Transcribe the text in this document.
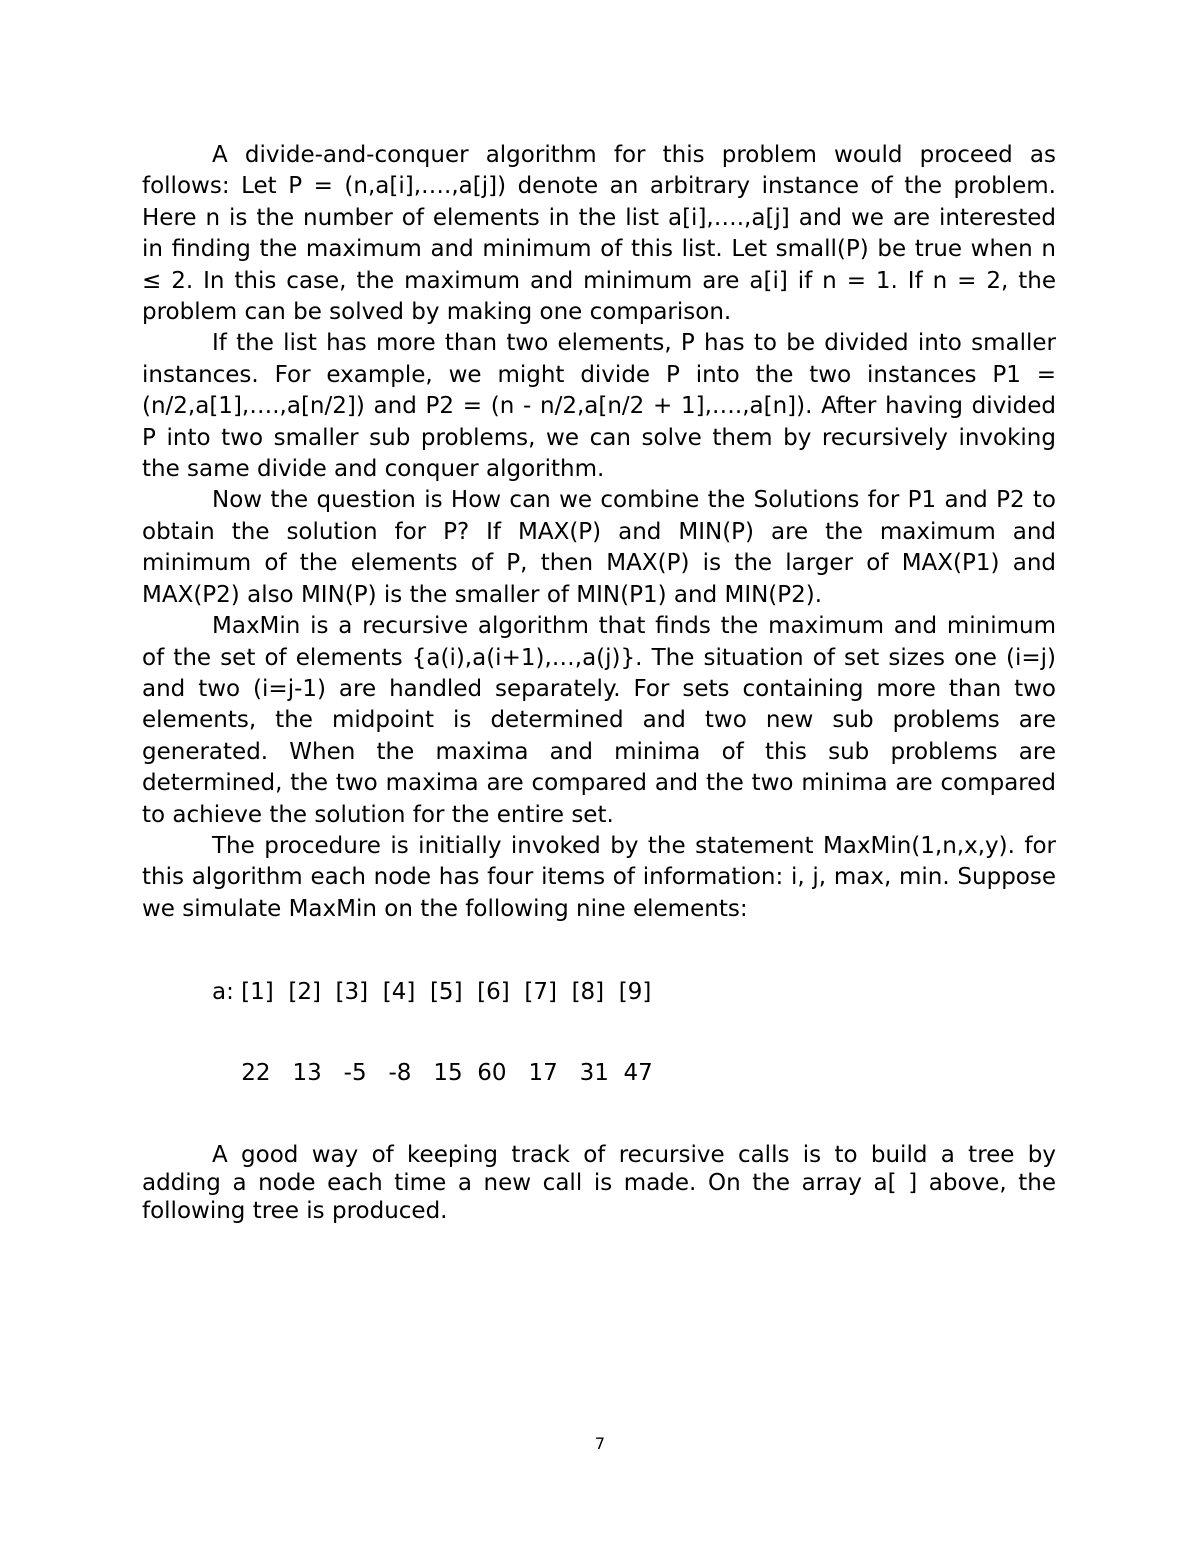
A divide-and-conquer algorithm for this problem would proceed as follows: Let P = (n,a[i],….,a[j]) denote an arbitrary instance of the problem. Here n is the number of elements in the list a[i],….,a[j] and we are interested in finding the maximum and minimum of this list. Let small(P) be true when n ≤ 2. In this case, the maximum and minimum are a[i] if n = 1. If n = 2, the problem can be solved by making one comparison.

If the list has more than two elements, P has to be divided into smaller instances. For example, we might divide P into the two instances P1 = (n/2,a[1],….,a[n/2]) and P2 = (n - n/2,a[n/2 + 1],….,a[n]). After having divided P into two smaller sub problems, we can solve them by recursively invoking the same divide and conquer algorithm.

Now the question is How can we combine the Solutions for P1 and P2 to obtain the solution for P? If MAX(P) and MIN(P) are the maximum and minimum of the elements of P, then MAX(P) is the larger of MAX(P1) and MAX(P2) also MIN(P) is the smaller of MIN(P1) and MIN(P2).

MaxMin is a recursive algorithm that finds the maximum and minimum of the set of elements {a(i),a(i+1),…,a(j)}. The situation of set sizes one (i=j) and two (i=j-1) are handled separately. For sets containing more than two elements, the midpoint is determined and two new sub problems are generated. When the maxima and minima of this sub problems are determined, the two maxima are compared and the two minima are compared to achieve the solution for the entire set.

The procedure is initially invoked by the statement MaxMin(1,n,x,y). for this algorithm each node has four items of information: i, j, max, min. Suppose we simulate MaxMin on the following nine elements:

a: [1]  [2]  [3]  [4]  [5]  [6]  [7]  [8]  [9]

22   13   -5   -8   15  60   17   31  47

A good way of keeping track of recursive calls is to build a tree by adding a node each time a new call is made. On the array a[ ] above, the following tree is produced.

7
